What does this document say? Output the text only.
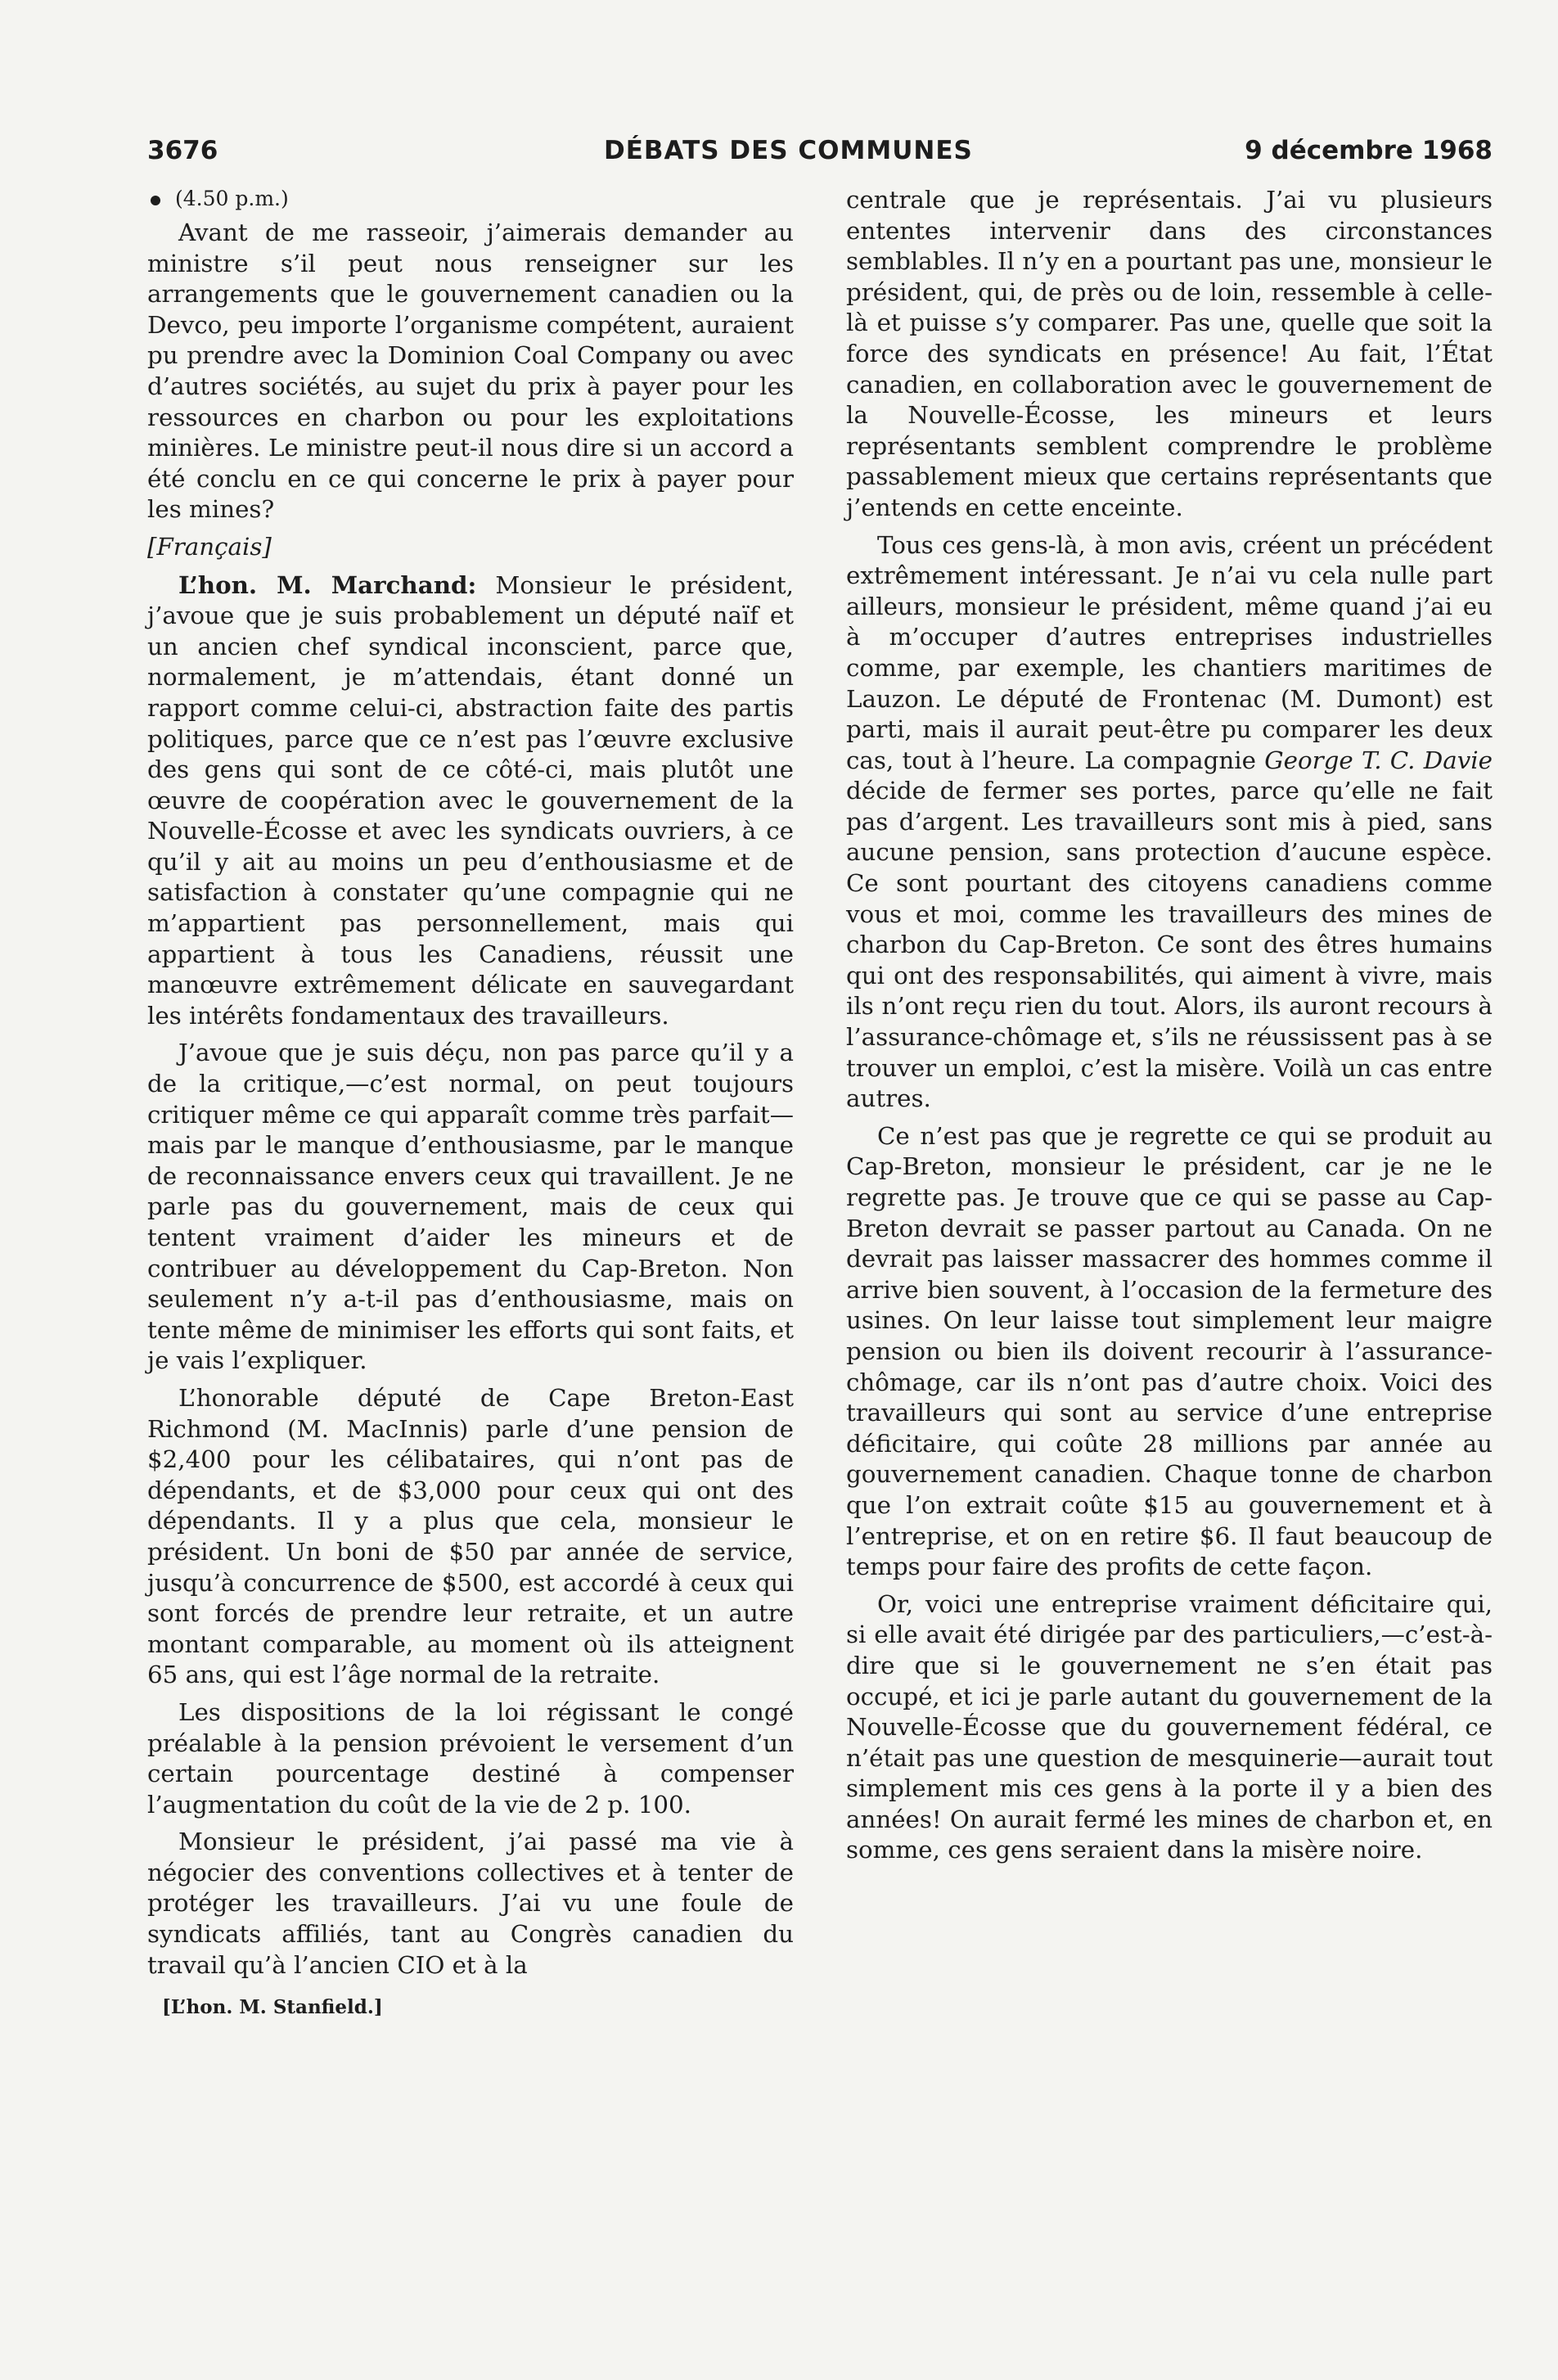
3676	DÉBATS DES COMMUNES	9 décembre 1968
(4.50 p.m.)

Avant de me rasseoir, j’aimerais demander au ministre s’il peut nous renseigner sur les arrangements que le gouvernement canadien ou la Devco, peu importe l’organisme compétent, auraient pu prendre avec la Dominion Coal Company ou avec d’autres sociétés, au sujet du prix à payer pour les ressources en charbon ou pour les exploitations minières. Le ministre peut-il nous dire si un accord a été conclu en ce qui concerne le prix à payer pour les mines?

[Français]

L’hon. M. Marchand: Monsieur le président, j’avoue que je suis probablement un député naïf et un ancien chef syndical inconscient, parce que, normalement, je m’attendais, étant donné un rapport comme celui-ci, abstraction faite des partis politiques, parce que ce n’est pas l’œuvre exclusive des gens qui sont de ce côté-ci, mais plutôt une œuvre de coopération avec le gouvernement de la Nouvelle-Écosse et avec les syndicats ouvriers, à ce qu’il y ait au moins un peu d’enthousiasme et de satisfaction à constater qu’une compagnie qui ne m’appartient pas personnellement, mais qui appartient à tous les Canadiens, réussit une manœuvre extrêmement délicate en sauvegardant les intérêts fondamentaux des travailleurs.

J’avoue que je suis déçu, non pas parce qu’il y a de la critique,—c’est normal, on peut toujours critiquer même ce qui apparaît comme très parfait—mais par le manque d’enthousiasme, par le manque de reconnaissance envers ceux qui travaillent. Je ne parle pas du gouvernement, mais de ceux qui tentent vraiment d’aider les mineurs et de contribuer au développement du Cap-Breton. Non seulement n’y a-t-il pas d’enthousiasme, mais on tente même de minimiser les efforts qui sont faits, et je vais l’expliquer.

L’honorable député de Cape Breton-East Richmond (M. MacInnis) parle d’une pension de $2,400 pour les célibataires, qui n’ont pas de dépendants, et de $3,000 pour ceux qui ont des dépendants. Il y a plus que cela, monsieur le président. Un boni de $50 par année de service, jusqu’à concurrence de $500, est accordé à ceux qui sont forcés de prendre leur retraite, et un autre montant comparable, au moment où ils atteignent 65 ans, qui est l’âge normal de la retraite.

Les dispositions de la loi régissant le congé préalable à la pension prévoient le versement d’un certain pourcentage destiné à compenser l’augmentation du coût de la vie de 2 p. 100.

Monsieur le président, j’ai passé ma vie à négocier des conventions collectives et à tenter de protéger les travailleurs. J’ai vu une foule de syndicats affiliés, tant au Congrès canadien du travail qu’à l’ancien CIO et à la

[L’hon. M. Stanfield.]

centrale que je représentais. J’ai vu plusieurs ententes intervenir dans des circonstances semblables. Il n’y en a pourtant pas une, monsieur le président, qui, de près ou de loin, ressemble à celle-là et puisse s’y comparer. Pas une, quelle que soit la force des syndicats en présence! Au fait, l’État canadien, en collaboration avec le gouvernement de la Nouvelle-Écosse, les mineurs et leurs représentants semblent comprendre le problème passablement mieux que certains représentants que j’entends en cette enceinte.

Tous ces gens-là, à mon avis, créent un précédent extrêmement intéressant. Je n’ai vu cela nulle part ailleurs, monsieur le président, même quand j’ai eu à m’occuper d’autres entreprises industrielles comme, par exemple, les chantiers maritimes de Lauzon. Le député de Frontenac (M. Dumont) est parti, mais il aurait peut-être pu comparer les deux cas, tout à l’heure. La compagnie George T. C. Davie décide de fermer ses portes, parce qu’elle ne fait pas d’argent. Les travailleurs sont mis à pied, sans aucune pension, sans protection d’aucune espèce. Ce sont pourtant des citoyens canadiens comme vous et moi, comme les travailleurs des mines de charbon du Cap-Breton. Ce sont des êtres humains qui ont des responsabilités, qui aiment à vivre, mais ils n’ont reçu rien du tout. Alors, ils auront recours à l’assurance-chômage et, s’ils ne réussissent pas à se trouver un emploi, c’est la misère. Voilà un cas entre autres.

Ce n’est pas que je regrette ce qui se produit au Cap-Breton, monsieur le président, car je ne le regrette pas. Je trouve que ce qui se passe au Cap-Breton devrait se passer partout au Canada. On ne devrait pas laisser massacrer des hommes comme il arrive bien souvent, à l’occasion de la fermeture des usines. On leur laisse tout simplement leur maigre pension ou bien ils doivent recourir à l’assurance-chômage, car ils n’ont pas d’autre choix. Voici des travailleurs qui sont au service d’une entreprise déficitaire, qui coûte 28 millions par année au gouvernement canadien. Chaque tonne de charbon que l’on extrait coûte $15 au gouvernement et à l’entreprise, et on en retire $6. Il faut beaucoup de temps pour faire des profits de cette façon.

Or, voici une entreprise vraiment déficitaire qui, si elle avait été dirigée par des particuliers,—c’est-à-dire que si le gouvernement ne s’en était pas occupé, et ici je parle autant du gouvernement de la Nouvelle-Écosse que du gouvernement fédéral, ce n’était pas une question de mesquinerie—aurait tout simplement mis ces gens à la porte il y a bien des années! On aurait fermé les mines de charbon et, en somme, ces gens seraient dans la misère noire.
